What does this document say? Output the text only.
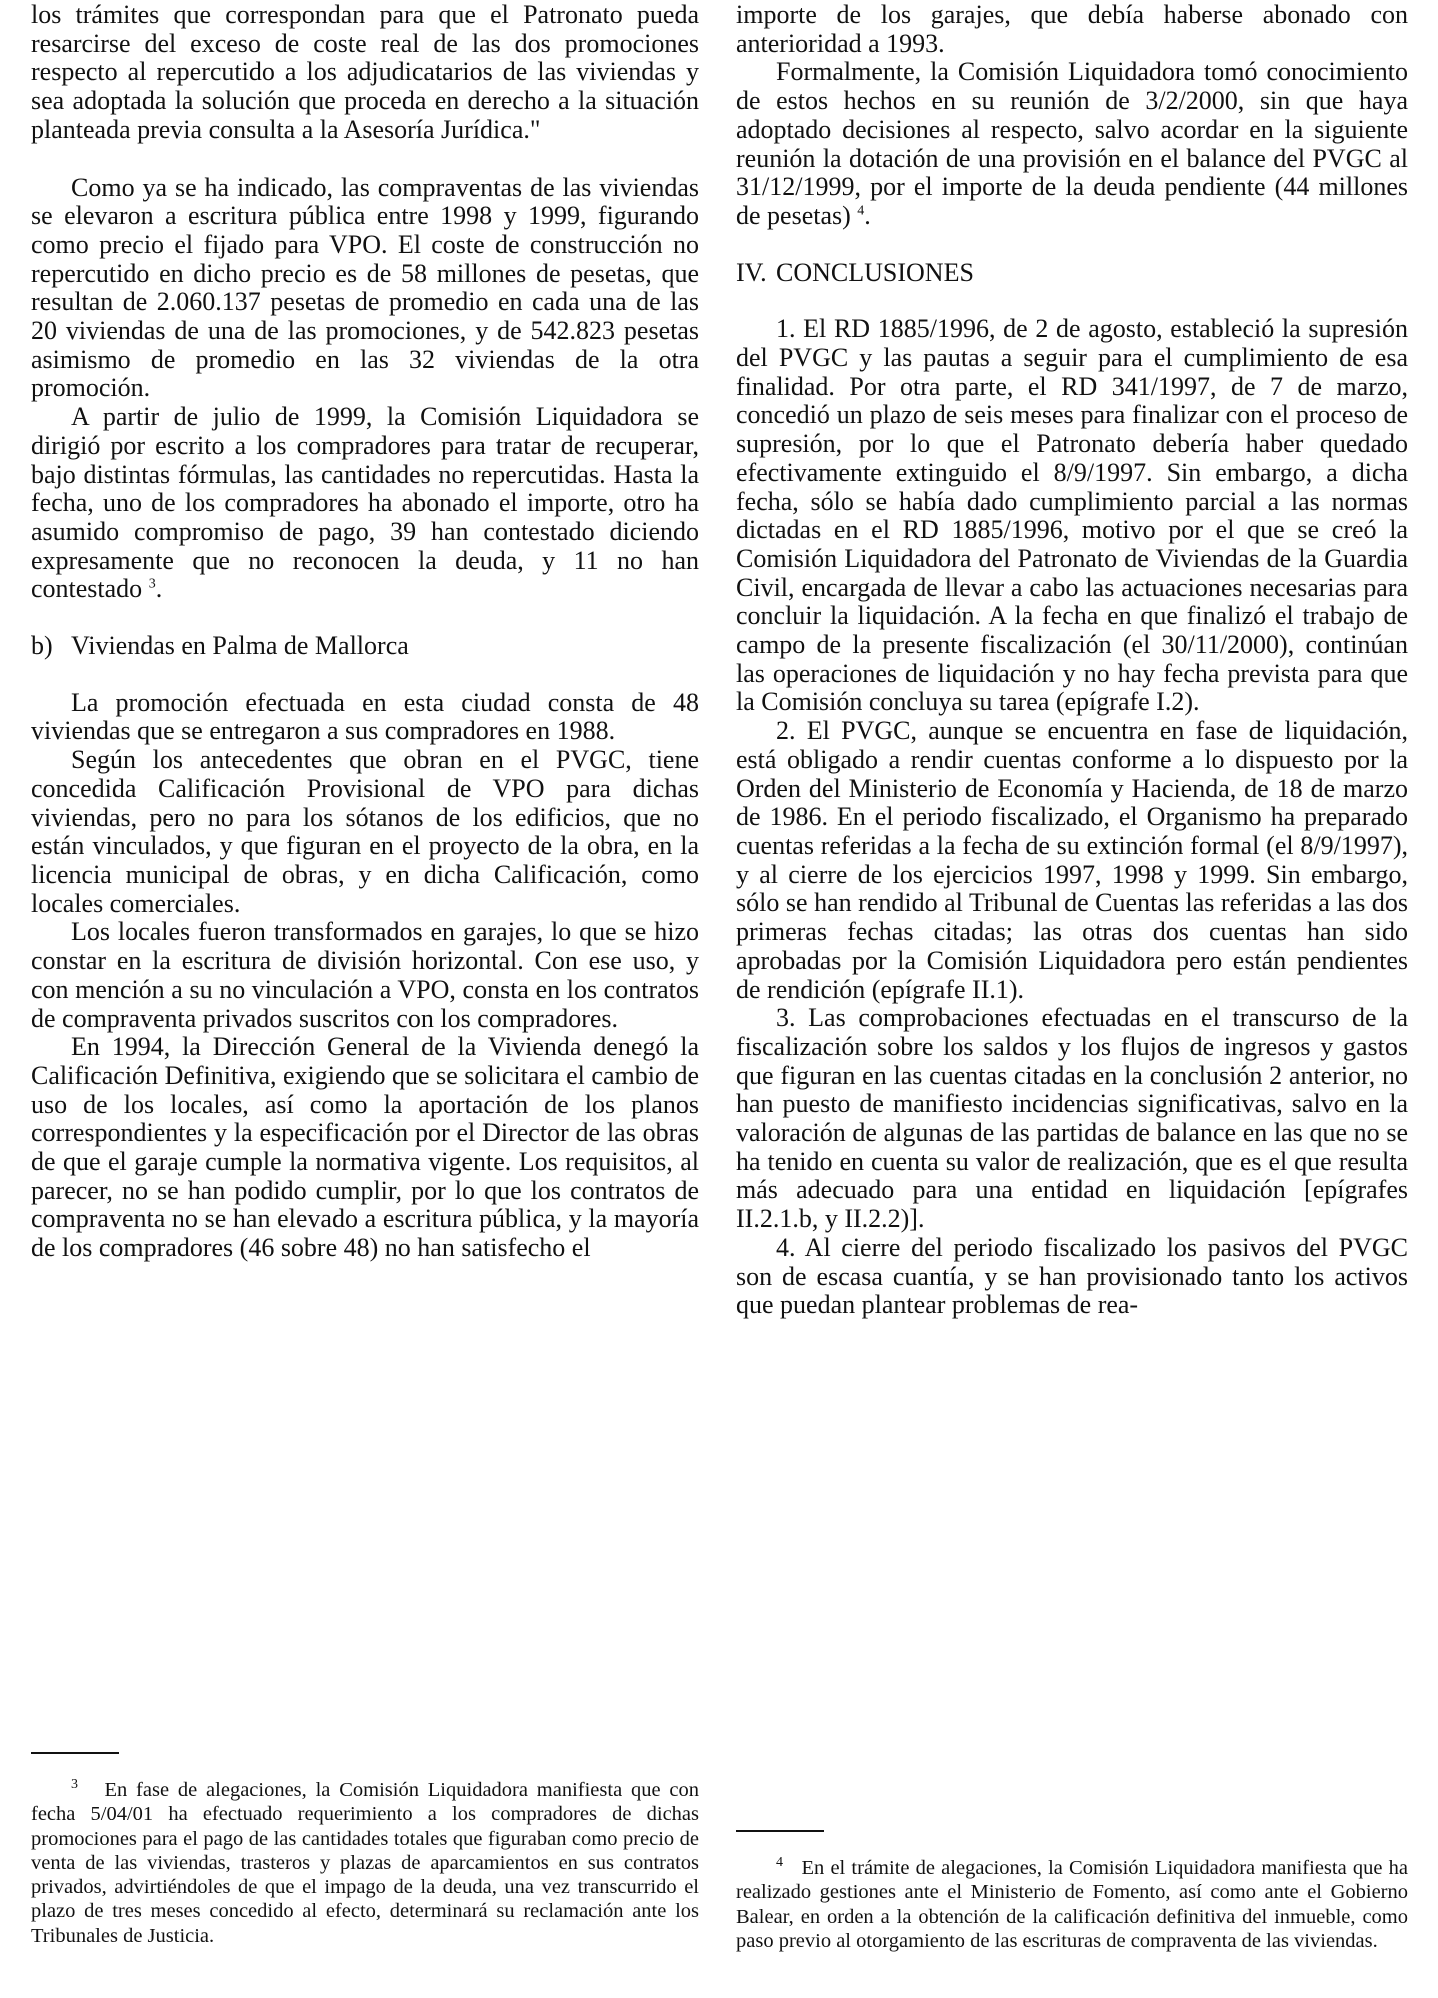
los trámites que correspondan para que el Patronato pueda resarcirse del exceso de coste real de las dos promociones respecto al repercutido a los adjudicatarios de las viviendas y sea adoptada la solución que proceda en derecho a la situación planteada previa consulta a la Asesoría Jurídica."

Como ya se ha indicado, las compraventas de las viviendas se elevaron a escritura pública entre 1998 y 1999, figurando como precio el fijado para VPO. El coste de construcción no repercutido en dicho precio es de 58 millones de pesetas, que resultan de 2.060.137 pesetas de promedio en cada una de las 20 viviendas de una de las promociones, y de 542.823 pesetas asimismo de promedio en las 32 viviendas de la otra promoción.

A partir de julio de 1999, la Comisión Liquidadora se dirigió por escrito a los compradores para tratar de recuperar, bajo distintas fórmulas, las cantidades no repercutidas. Hasta la fecha, uno de los compradores ha abonado el importe, otro ha asumido compromiso de pago, 39 han contestado diciendo expresamente que no reconocen la deuda, y 11 no han contestado $^3$.

b) Viviendas en Palma de Mallorca

La promoción efectuada en esta ciudad consta de 48 viviendas que se entregaron a sus compradores en 1988.

Según los antecedentes que obran en el PVGC, tiene concedida Calificación Provisional de VPO para dichas viviendas, pero no para los sótanos de los edificios, que no están vinculados, y que figuran en el proyecto de la obra, en la licencia municipal de obras, y en dicha Calificación, como locales comerciales.

Los locales fueron transformados en garajes, lo que se hizo constar en la escritura de división horizontal. Con ese uso, y con mención a su no vinculación a VPO, consta en los contratos de compraventa privados suscritos con los compradores.

En 1994, la Dirección General de la Vivienda denegó la Calificación Definitiva, exigiendo que se solicitara el cambio de uso de los locales, así como la aportación de los planos correspondientes y la especificación por el Director de las obras de que el garaje cumple la normativa vigente. Los requisitos, al parecer, no se han podido cumplir, por lo que los contratos de compraventa no se han elevado a escritura pública, y la mayoría de los compradores (46 sobre 48) no han satisfecho el

importe de los garajes, que debía haberse abonado con anterioridad a 1993.

Formalmente, la Comisión Liquidadora tomó conocimiento de estos hechos en su reunión de 3/2/2000, sin que haya adoptado decisiones al respecto, salvo acordar en la siguiente reunión la dotación de una provisión en el balance del PVGC al 31/12/1999, por el importe de la deuda pendiente (44 millones de pesetas) $^4$.

IV. CONCLUSIONES

1. El RD 1885/1996, de 2 de agosto, estableció la supresión del PVGC y las pautas a seguir para el cumplimiento de esa finalidad. Por otra parte, el RD 341/1997, de 7 de marzo, concedió un plazo de seis meses para finalizar con el proceso de supresión, por lo que el Patronato debería haber quedado efectivamente extinguido el 8/9/1997. Sin embargo, a dicha fecha, sólo se había dado cumplimiento parcial a las normas dictadas en el RD 1885/1996, motivo por el que se creó la Comisión Liquidadora del Patronato de Viviendas de la Guardia Civil, encargada de llevar a cabo las actuaciones necesarias para concluir la liquidación. A la fecha en que finalizó el trabajo de campo de la presente fiscalización (el 30/11/2000), continúan las operaciones de liquidación y no hay fecha prevista para que la Comisión concluya su tarea (epígrafe I.2).

2. El PVGC, aunque se encuentra en fase de liquidación, está obligado a rendir cuentas conforme a lo dispuesto por la Orden del Ministerio de Economía y Hacienda, de 18 de marzo de 1986. En el periodo fiscalizado, el Organismo ha preparado cuentas referidas a la fecha de su extinción formal (el 8/9/1997), y al cierre de los ejercicios 1997, 1998 y 1999. Sin embargo, sólo se han rendido al Tribunal de Cuentas las referidas a las dos primeras fechas citadas; las otras dos cuentas han sido aprobadas por la Comisión Liquidadora pero están pendientes de rendición (epígrafe II.1).

3. Las comprobaciones efectuadas en el transcurso de la fiscalización sobre los saldos y los flujos de ingresos y gastos que figuran en las cuentas citadas en la conclusión 2 anterior, no han puesto de manifiesto incidencias significativas, salvo en la valoración de algunas de las partidas de balance en las que no se ha tenido en cuenta su valor de realización, que es el que resulta más adecuado para una entidad en liquidación [epígrafes II.2.1.b, y II.2.2)].

4. Al cierre del periodo fiscalizado los pasivos del PVGC son de escasa cuantía, y se han provisionado tanto los activos que puedan plantear problemas de rea-

$^3$ En fase de alegaciones, la Comisión Liquidadora manifiesta que con fecha 5/04/01 ha efectuado requerimiento a los compradores de dichas promociones para el pago de las cantidades totales que figuraban como precio de venta de las viviendas, trasteros y plazas de aparcamientos en sus contratos privados, advirtiéndoles de que el impago de la deuda, una vez transcurrido el plazo de tres meses concedido al efecto, determinará su reclamación ante los Tribunales de Justicia.

$^4$ En el trámite de alegaciones, la Comisión Liquidadora manifiesta que ha realizado gestiones ante el Ministerio de Fomento, así como ante el Gobierno Balear, en orden a la obtención de la calificación definitiva del inmueble, como paso previo al otorgamiento de las escrituras de compraventa de las viviendas.
